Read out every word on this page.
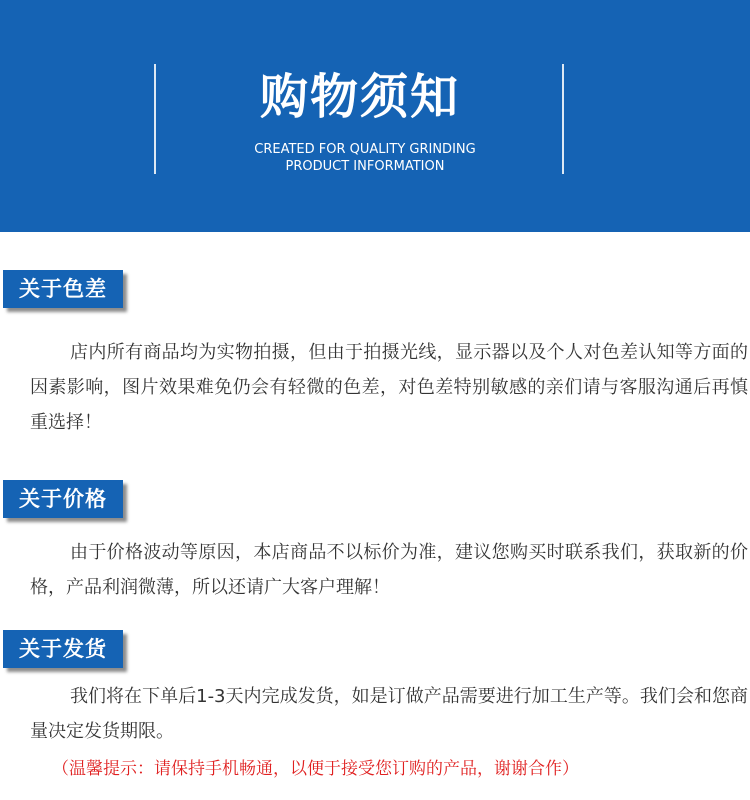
购物须知
CREATED FOR QUALITY GRINDING
PRODUCT INFORMATION
关于色差

店内所有商品均为实物拍摄，但由于拍摄光线，显示器以及个人对色差认知等方面的因素影响，图片效果难免仍会有轻微的色差，对色差特别敏感的亲们请与客服沟通后再慎重选择！

关于价格

由于价格波动等原因，本店商品不以标价为准，建议您购买时联系我们，获取新的价格，产品利润微薄，所以还请广大客户理解！

关于发货

我们将在下单后1-3天内完成发货，如是订做产品需要进行加工生产等。我们会和您商量决定发货期限。

（温馨提示：请保持手机畅通，以便于接受您订购的产品，谢谢合作）
